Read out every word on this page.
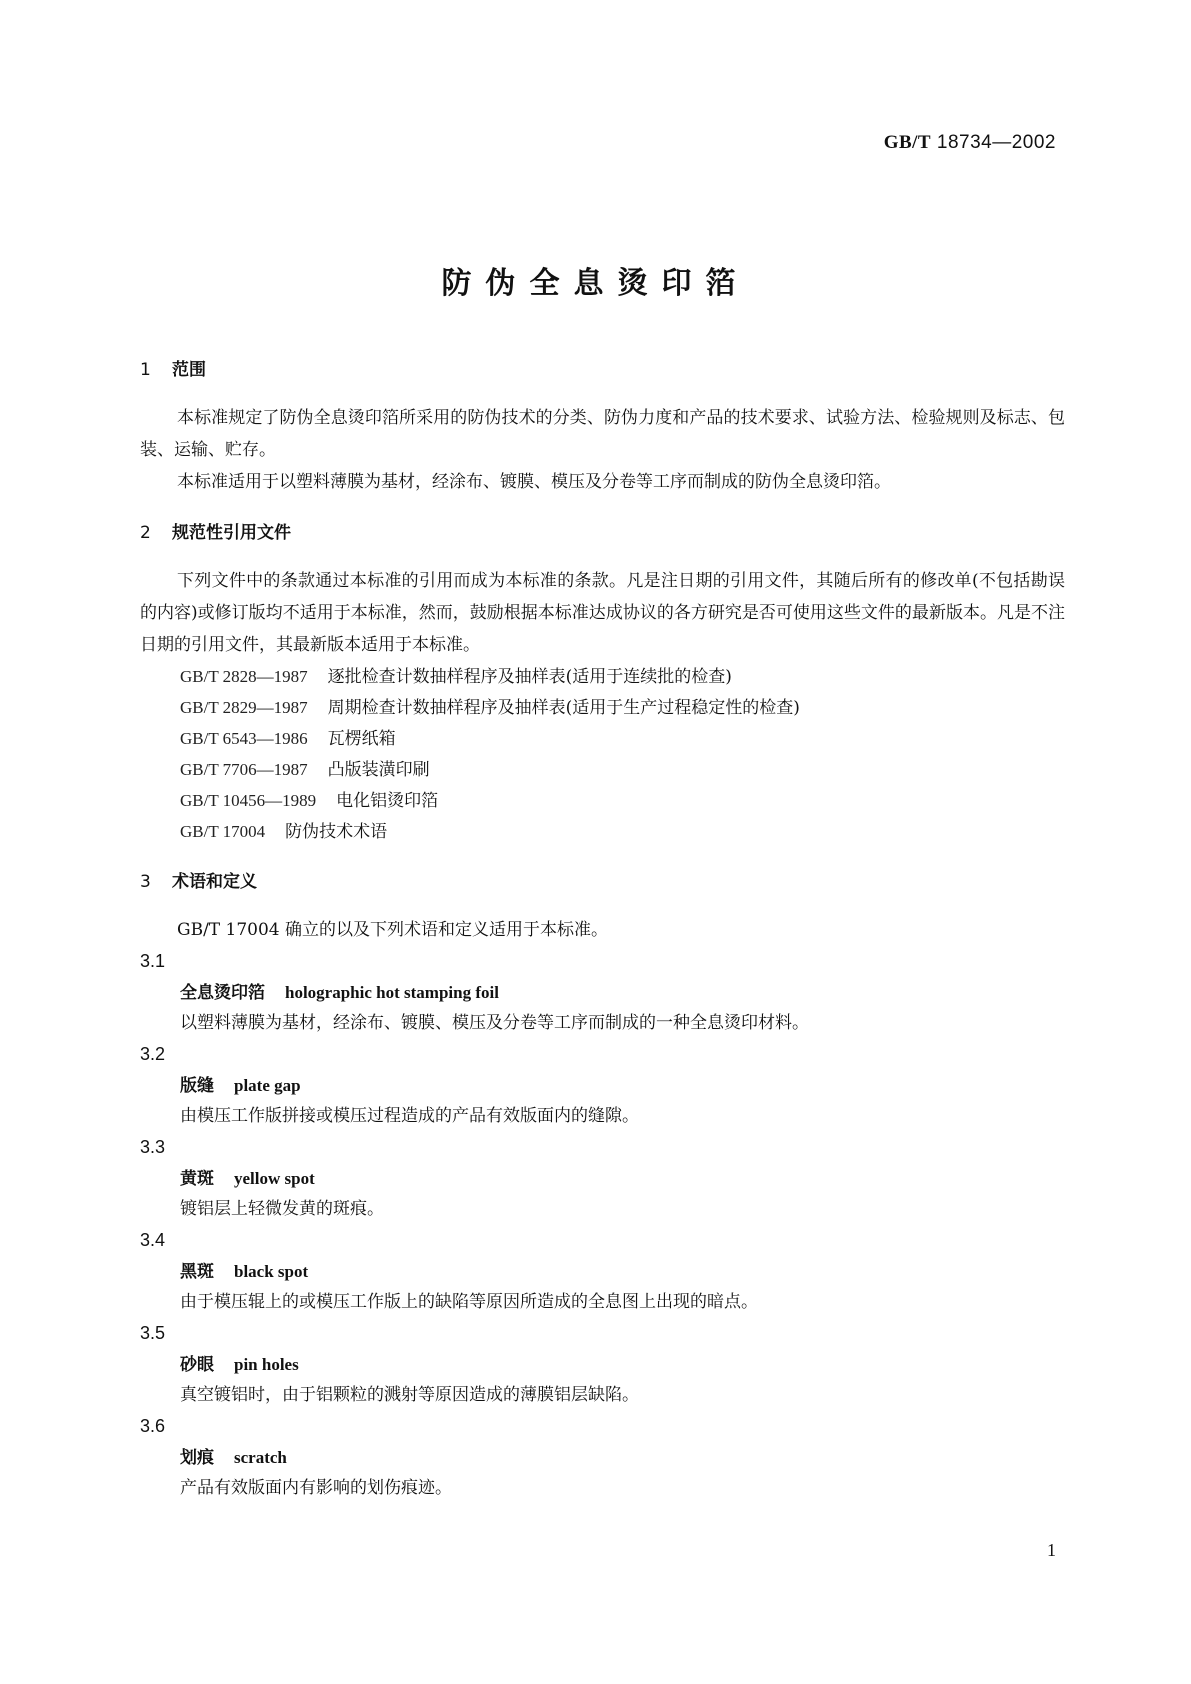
GB/T 18734—2002
防伪全息烫印箔
1 范围
本标准规定了防伪全息烫印箔所采用的防伪技术的分类、防伪力度和产品的技术要求、试验方法、检验规则及标志、包装、运输、贮存。
本标准适用于以塑料薄膜为基材，经涂布、镀膜、模压及分卷等工序而制成的防伪全息烫印箔。
2 规范性引用文件
下列文件中的条款通过本标准的引用而成为本标准的条款。凡是注日期的引用文件，其随后所有的修改单(不包括勘误的内容)或修订版均不适用于本标准，然而，鼓励根据本标准达成协议的各方研究是否可使用这些文件的最新版本。凡是不注日期的引用文件，其最新版本适用于本标准。
GB/T 2828—1987 逐批检查计数抽样程序及抽样表(适用于连续批的检查)
GB/T 2829—1987 周期检查计数抽样程序及抽样表(适用于生产过程稳定性的检查)
GB/T 6543—1986 瓦楞纸箱
GB/T 7706—1987 凸版装潢印刷
GB/T 10456—1989 电化铝烫印箔
GB/T 17004 防伪技术术语
3 术语和定义
GB/T 17004 确立的以及下列术语和定义适用于本标准。
3.1
全息烫印箔 holographic hot stamping foil
以塑料薄膜为基材，经涂布、镀膜、模压及分卷等工序而制成的一种全息烫印材料。
3.2
版缝 plate gap
由模压工作版拼接或模压过程造成的产品有效版面内的缝隙。
3.3
黄斑 yellow spot
镀铝层上轻微发黄的斑痕。
3.4
黑斑 black spot
由于模压辊上的或模压工作版上的缺陷等原因所造成的全息图上出现的暗点。
3.5
砂眼 pin holes
真空镀铝时，由于铝颗粒的溅射等原因造成的薄膜铝层缺陷。
3.6
划痕 scratch
产品有效版面内有影响的划伤痕迹。
1
